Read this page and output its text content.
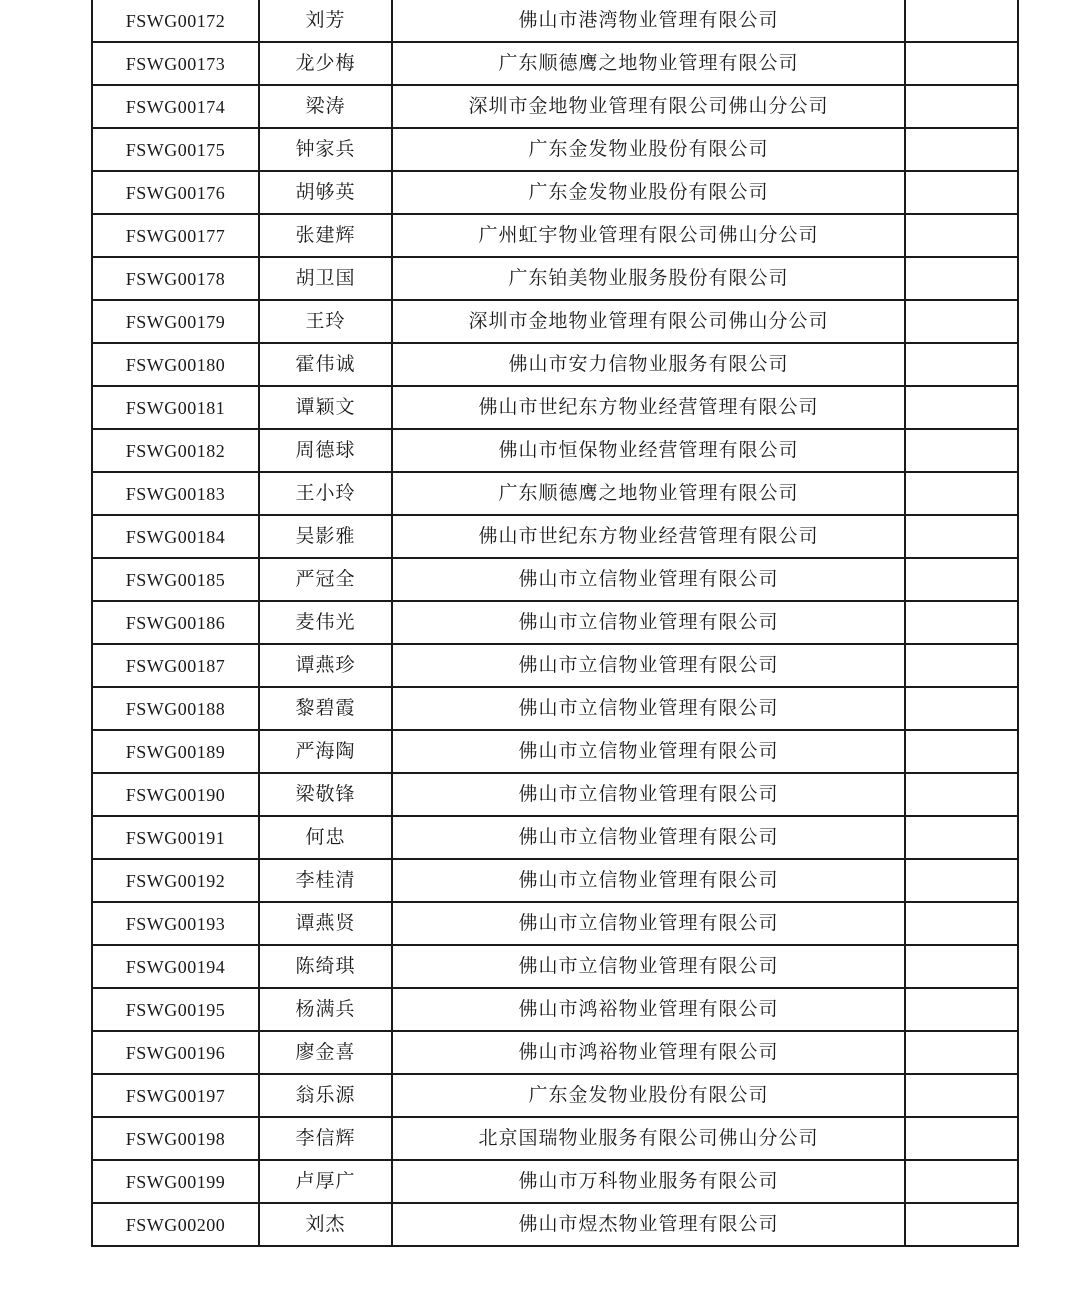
FSWG00172	刘芳	佛山市港湾物业管理有限公司	
FSWG00173	龙少梅	广东顺德鹰之地物业管理有限公司	
FSWG00174	梁涛	深圳市金地物业管理有限公司佛山分公司	
FSWG00175	钟家兵	广东金发物业股份有限公司	
FSWG00176	胡够英	广东金发物业股份有限公司	
FSWG00177	张建辉	广州虹宇物业管理有限公司佛山分公司	
FSWG00178	胡卫国	广东铂美物业服务股份有限公司	
FSWG00179	王玲	深圳市金地物业管理有限公司佛山分公司	
FSWG00180	霍伟诚	佛山市安力信物业服务有限公司	
FSWG00181	谭颖文	佛山市世纪东方物业经营管理有限公司	
FSWG00182	周德球	佛山市恒保物业经营管理有限公司	
FSWG00183	王小玲	广东顺德鹰之地物业管理有限公司	
FSWG00184	吴影雅	佛山市世纪东方物业经营管理有限公司	
FSWG00185	严冠全	佛山市立信物业管理有限公司	
FSWG00186	麦伟光	佛山市立信物业管理有限公司	
FSWG00187	谭燕珍	佛山市立信物业管理有限公司	
FSWG00188	黎碧霞	佛山市立信物业管理有限公司	
FSWG00189	严海陶	佛山市立信物业管理有限公司	
FSWG00190	梁敬锋	佛山市立信物业管理有限公司	
FSWG00191	何忠	佛山市立信物业管理有限公司	
FSWG00192	李桂清	佛山市立信物业管理有限公司	
FSWG00193	谭燕贤	佛山市立信物业管理有限公司	
FSWG00194	陈绮琪	佛山市立信物业管理有限公司	
FSWG00195	杨满兵	佛山市鸿裕物业管理有限公司	
FSWG00196	廖金喜	佛山市鸿裕物业管理有限公司	
FSWG00197	翁乐源	广东金发物业股份有限公司	
FSWG00198	李信辉	北京国瑞物业服务有限公司佛山分公司	
FSWG00199	卢厚广	佛山市万科物业服务有限公司	
FSWG00200	刘杰	佛山市煜杰物业管理有限公司	
